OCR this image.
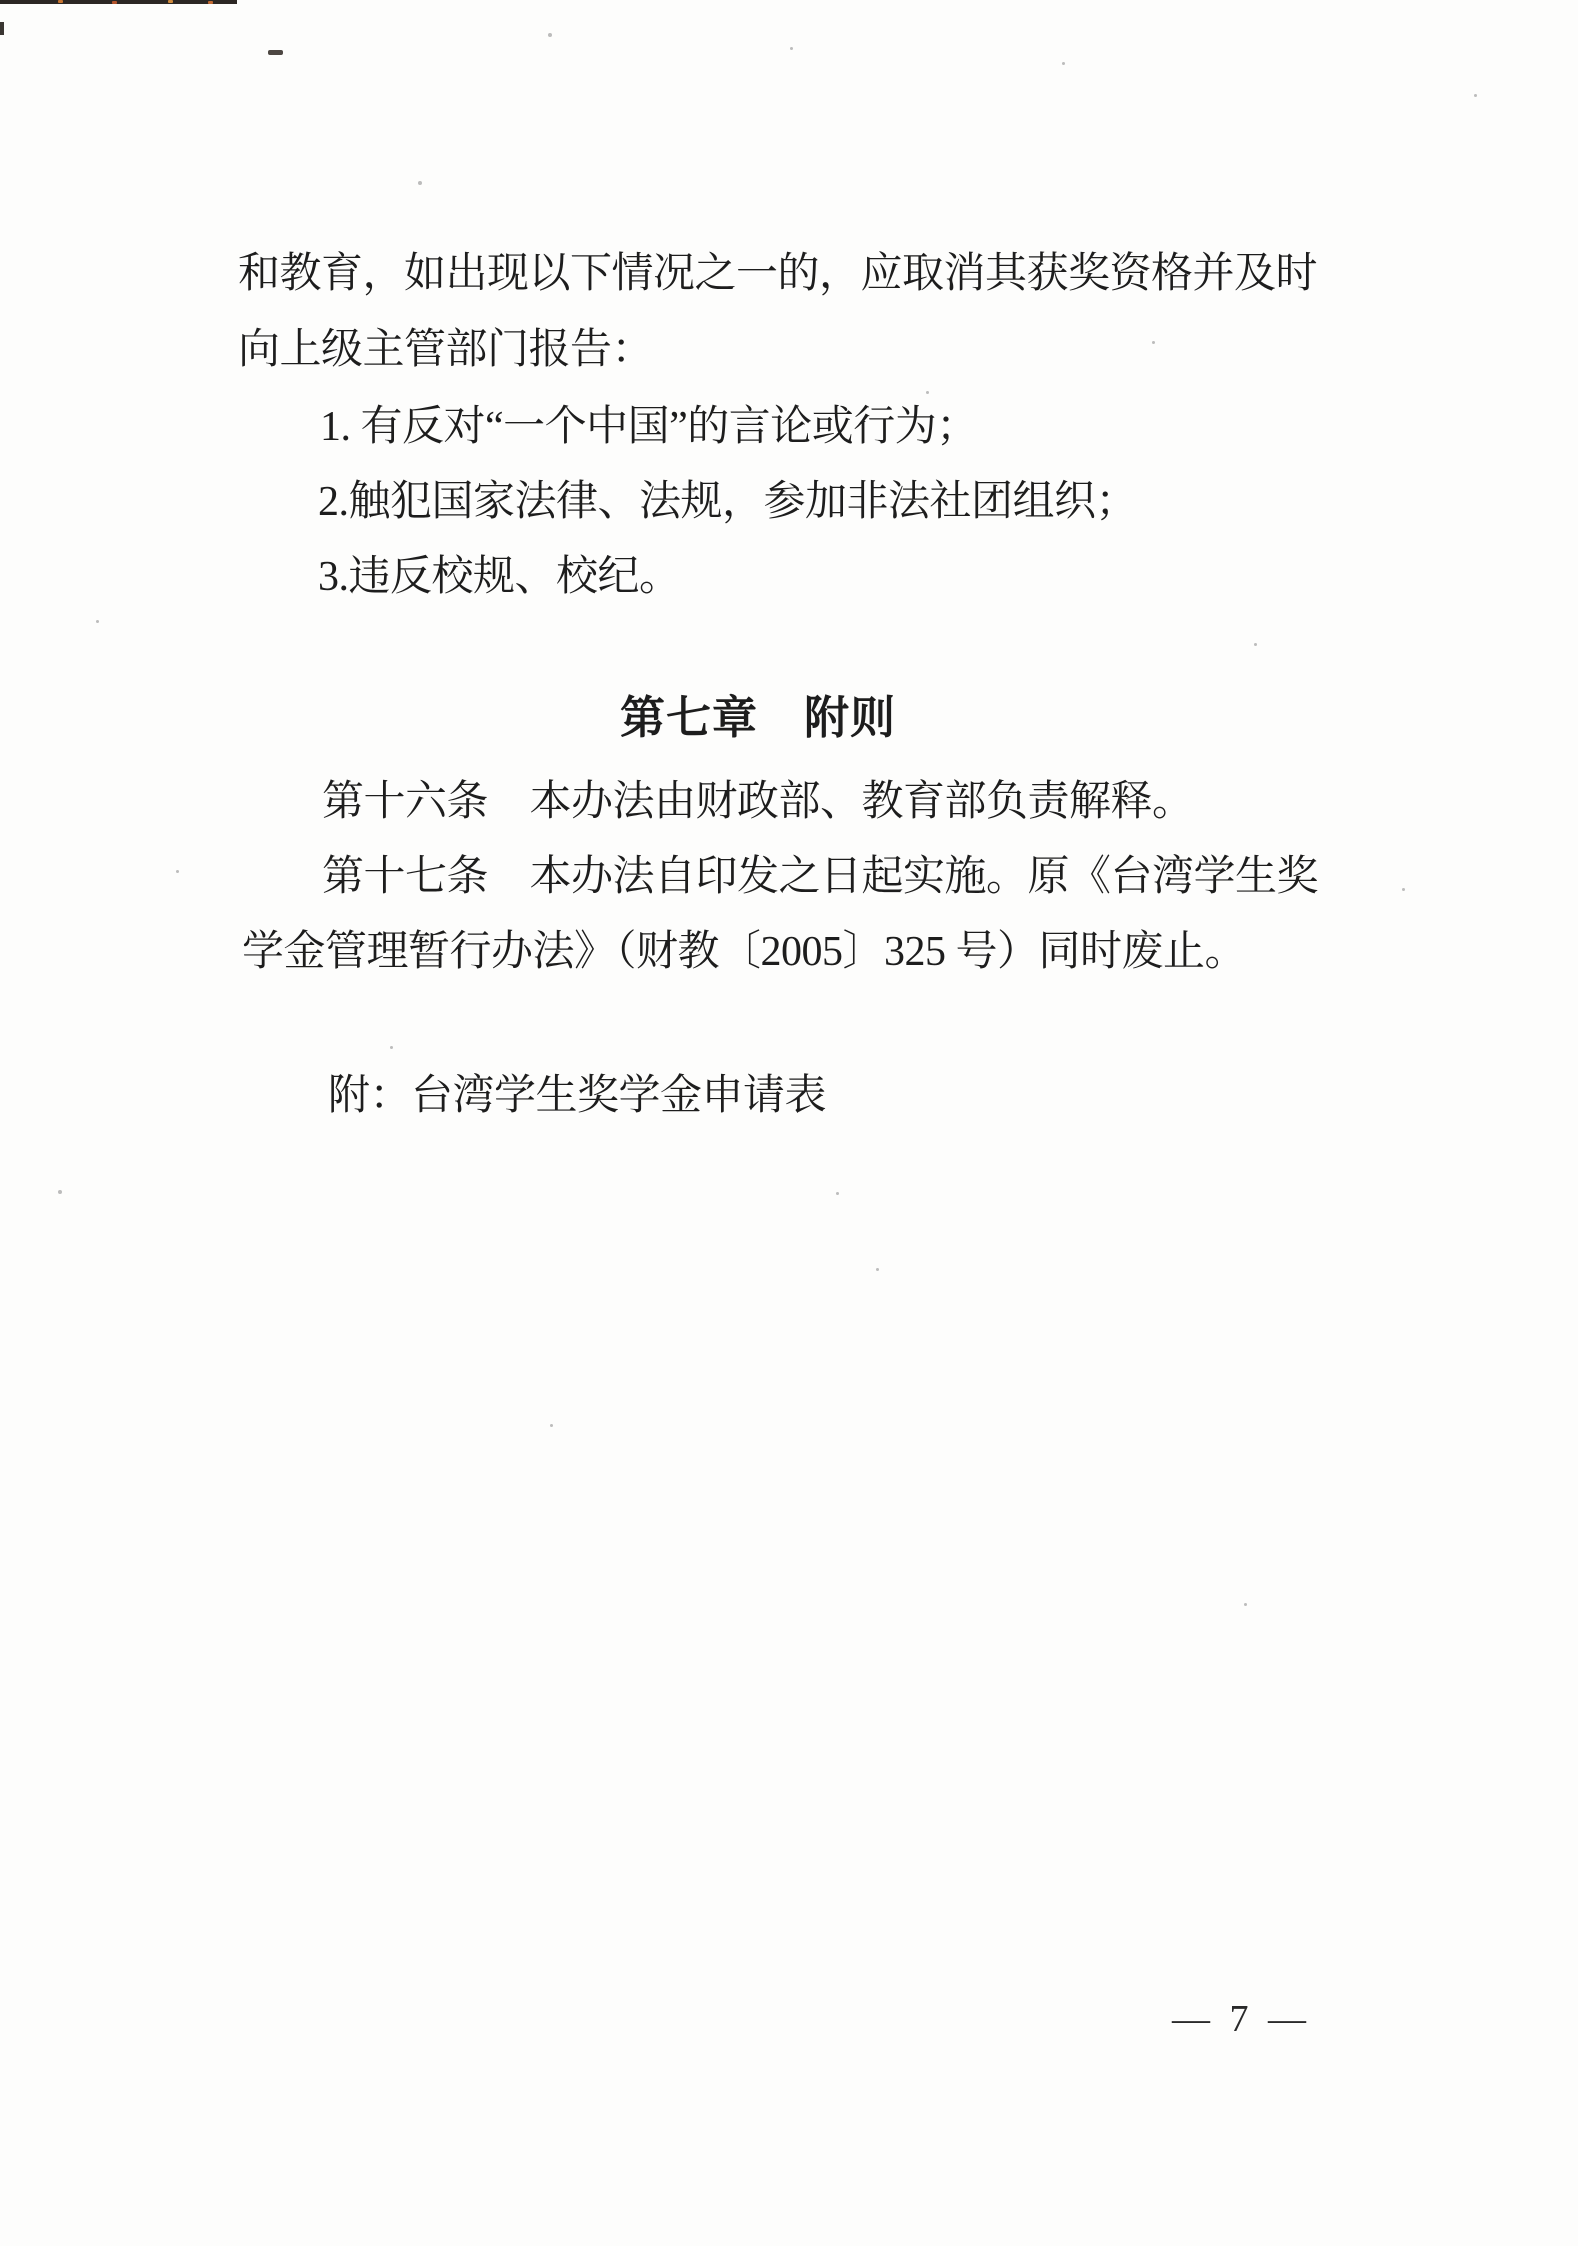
和教育，如出现以下情况之一的，应取消其获奖资格并及时
向上级主管部门报告：
1. 有反对“一个中国”的言论或行为；
2.触犯国家法律、法规，参加非法社团组织；
3.违反校规、校纪。
第七章　附则
第十六条　本办法由财政部、教育部负责解释。
第十七条　本办法自印发之日起实施。原《台湾学生奖
学金管理暂行办法》（财教〔2005〕325 号）同时废止。
附：台湾学生奖学金申请表
— 7 —
